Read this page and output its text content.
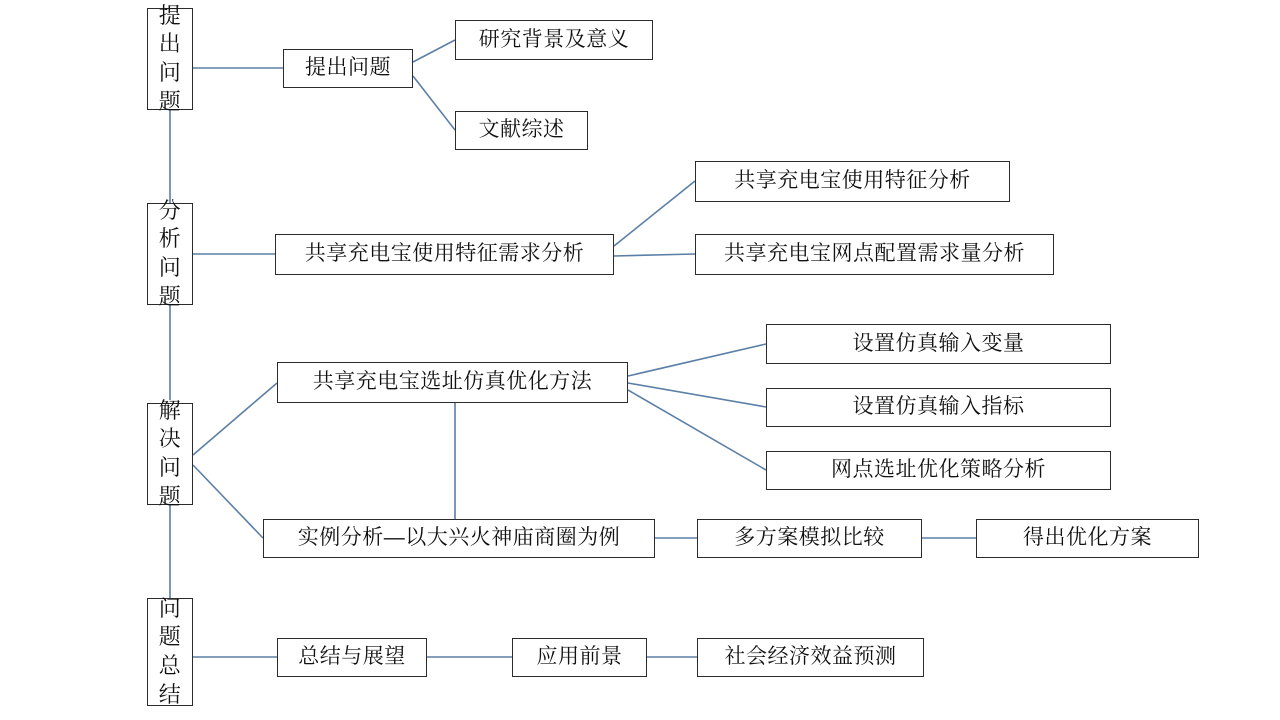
提出问题
分析问题
解决问题
问题总结
提出问题
研究背景及意义
文献综述
共享充电宝使用特征需求分析
共享充电宝使用特征分析
共享充电宝网点配置需求量分析
共享充电宝选址仿真优化方法
设置仿真输入变量
设置仿真输入指标
网点选址优化策略分析
实例分析—以大兴火神庙商圈为例	多方案模拟比较	得出优化方案
总结与展望	应用前景	社会经济效益预测
